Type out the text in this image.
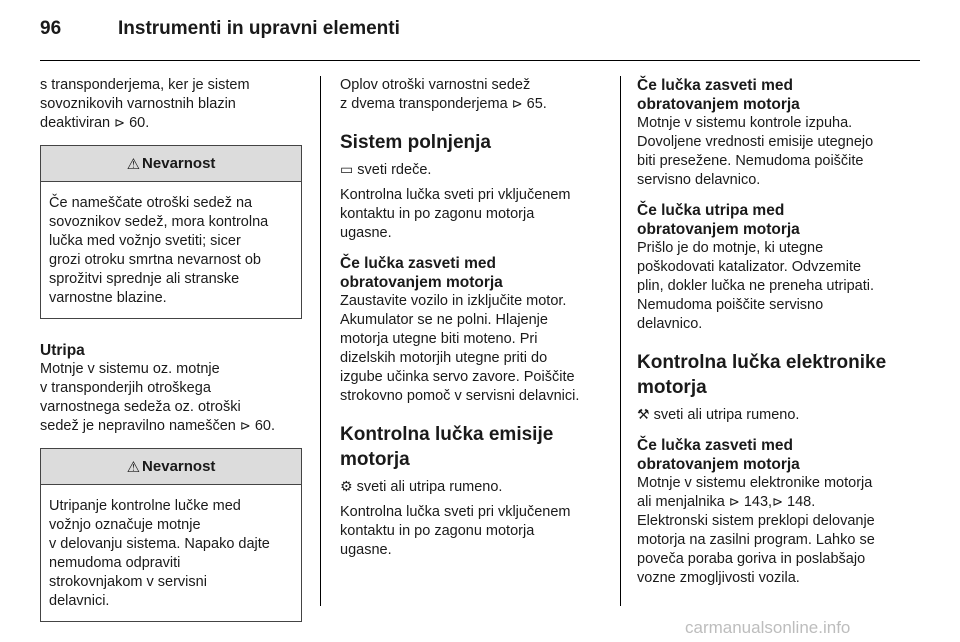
96	Instrumenti in upravni elementi

s transponderjema, ker je sistem

sovoznikovih varnostnih blazin

deaktiviran ⊳ 60.

⚠ Nevarnost

Če nameščate otroški sedež na

sovoznikov sedež, mora kontrolna

lučka med vožnjo svetiti; sicer

grozi otroku smrtna nevarnost ob

sprožitvi sprednje ali stranske

varnostne blazine.

Utripa

Motnje v sistemu oz. motnje

v transponderjih otroškega

varnostnega sedeža oz. otroški

sedež je nepravilno nameščen ⊳ 60.

⚠ Nevarnost

Utripanje kontrolne lučke med

vožnjo označuje motnje

v delovanju sistema. Napako dajte

nemudoma odpraviti

strokovnjakom v servisni

delavnici.

Oplov otroški varnostni sedež

z dvema transponderjema ⊳ 65.

Sistem polnjenja

▭ sveti rdeče.

Kontrolna lučka sveti pri vključenem

kontaktu in po zagonu motorja

ugasne.

Če lučka zasveti med

obratovanjem motorja

Zaustavite vozilo in izključite motor.

Akumulator se ne polni. Hlajenje

motorja utegne biti moteno. Pri

dizelskih motorjih utegne priti do

izgube učinka servo zavore. Poiščite

strokovno pomoč v servisni delavnici.

Kontrolna lučka emisije

motorja

⚙ sveti ali utripa rumeno.

Kontrolna lučka sveti pri vključenem

kontaktu in po zagonu motorja

ugasne.

Če lučka zasveti med

obratovanjem motorja

Motnje v sistemu kontrole izpuha.

Dovoljene vrednosti emisije utegnejo

biti presežene. Nemudoma poiščite

servisno delavnico.

Če lučka utripa med

obratovanjem motorja

Prišlo je do motnje, ki utegne

poškodovati katalizator. Odvzemite

plin, dokler lučka ne preneha utripati.

Nemudoma poiščite servisno

delavnico.

Kontrolna lučka elektronike

motorja

⚒ sveti ali utripa rumeno.

Če lučka zasveti med

obratovanjem motorja

Motnje v sistemu elektronike motorja

ali menjalnika ⊳ 143,⊳ 148.

Elektronski sistem preklopi delovanje

motorja na zasilni program. Lahko se

poveča poraba goriva in poslabšajo

vozne zmogljivosti vozila.

carmanualsonline.info
